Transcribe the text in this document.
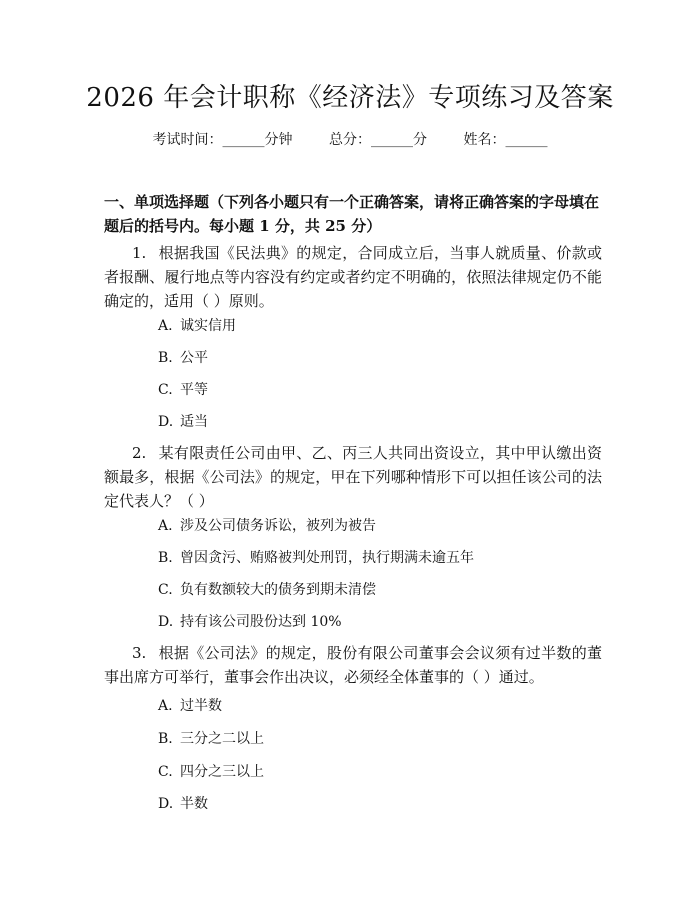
2026 年会计职称《经济法》专项练习及答案
考试时间：______分钟	总分：______分	姓名：______
一、单项选择题（下列各小题只有一个正确答案，请将正确答案的字母填在题后的括号内。每小题 1 分，共 25 分）
1. 根据我国《民法典》的规定，合同成立后，当事人就质量、价款或者报酬、履行地点等内容没有约定或者约定不明确的，依照法律规定仍不能确定的，适用（ ）原则。
A. 诚实信用
B. 公平
C. 平等
D. 适当
2. 某有限责任公司由甲、乙、丙三人共同出资设立，其中甲认缴出资额最多，根据《公司法》的规定，甲在下列哪种情形下可以担任该公司的法定代表人？（ ）
A. 涉及公司债务诉讼，被列为被告
B. 曾因贪污、贿赂被判处刑罚，执行期满未逾五年
C. 负有数额较大的债务到期未清偿
D. 持有该公司股份达到 10%
3. 根据《公司法》的规定，股份有限公司董事会会议须有过半数的董事出席方可举行，董事会作出决议，必须经全体董事的（ ）通过。
A. 过半数
B. 三分之二以上
C. 四分之三以上
D. 半数
